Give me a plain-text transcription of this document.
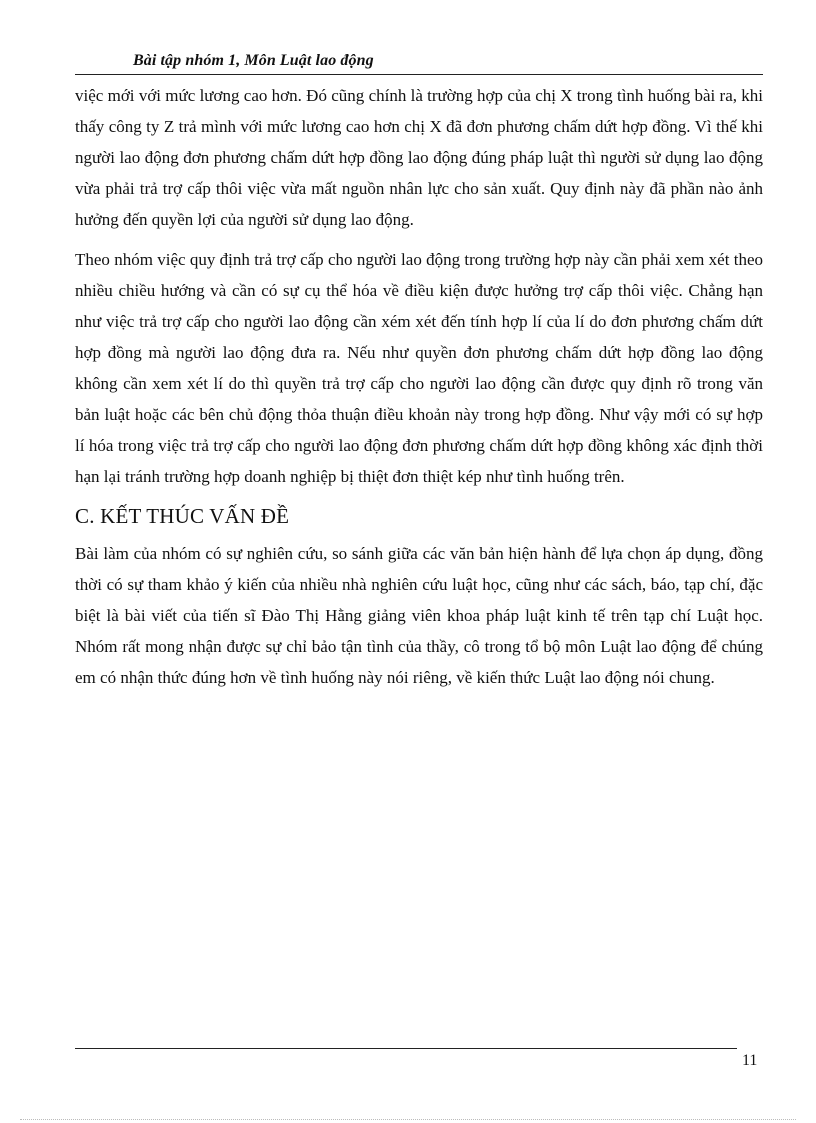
Bài tập nhóm 1, Môn Luật lao động

việc mới với mức lương cao hơn. Đó cũng chính là trường hợp của chị X trong tình huống bài ra, khi thấy công ty Z trả mình với mức lương cao hơn chị X đã đơn phương chấm dứt hợp đồng. Vì thế khi người lao động đơn phương chấm dứt hợp đồng lao động đúng pháp luật thì người sử dụng lao động vừa phải trả trợ cấp thôi việc vừa mất nguồn nhân lực cho sản xuất. Quy định này đã phần nào ảnh hưởng đến quyền lợi của người sử dụng lao động.

Theo nhóm việc quy định trả trợ cấp cho người lao động trong trường hợp này cần phải xem xét theo nhiều chiều hướng và cần có sự cụ thể hóa về điều kiện được hưởng trợ cấp thôi việc. Chẳng hạn như việc trả trợ cấp cho người lao động cần xém xét đến tính hợp lí của lí do đơn phương chấm dứt hợp đồng mà người lao động đưa ra. Nếu như quyền đơn phương chấm dứt hợp đồng lao động không cần xem xét lí do thì quyền trả trợ cấp cho người lao động cần được quy định rõ trong văn bản luật hoặc các bên chủ động thỏa thuận điều khoản này trong hợp đồng. Như vậy mới có sự hợp lí hóa trong việc trả trợ cấp cho người lao động đơn phương chấm dứt hợp đồng không xác định thời hạn lại tránh trường hợp doanh nghiệp bị thiệt đơn thiệt kép như tình huống trên.

C. KẾT THÚC VẤN ĐỀ

Bài làm của nhóm có sự nghiên cứu, so sánh giữa các văn bản hiện hành để lựa chọn áp dụng, đồng thời có sự tham khảo ý kiến của nhiều nhà nghiên cứu luật học, cũng như các sách, báo, tạp chí, đặc biệt là bài viết của tiến sĩ Đào Thị Hằng giảng viên khoa pháp luật kinh tế trên tạp chí Luật học. Nhóm rất mong nhận được sự chỉ bảo tận tình của thầy, cô trong tổ bộ môn Luật lao động để chúng em có nhận thức đúng hơn về tình huống này nói riêng, về kiến thức Luật lao động nói chung.

11
